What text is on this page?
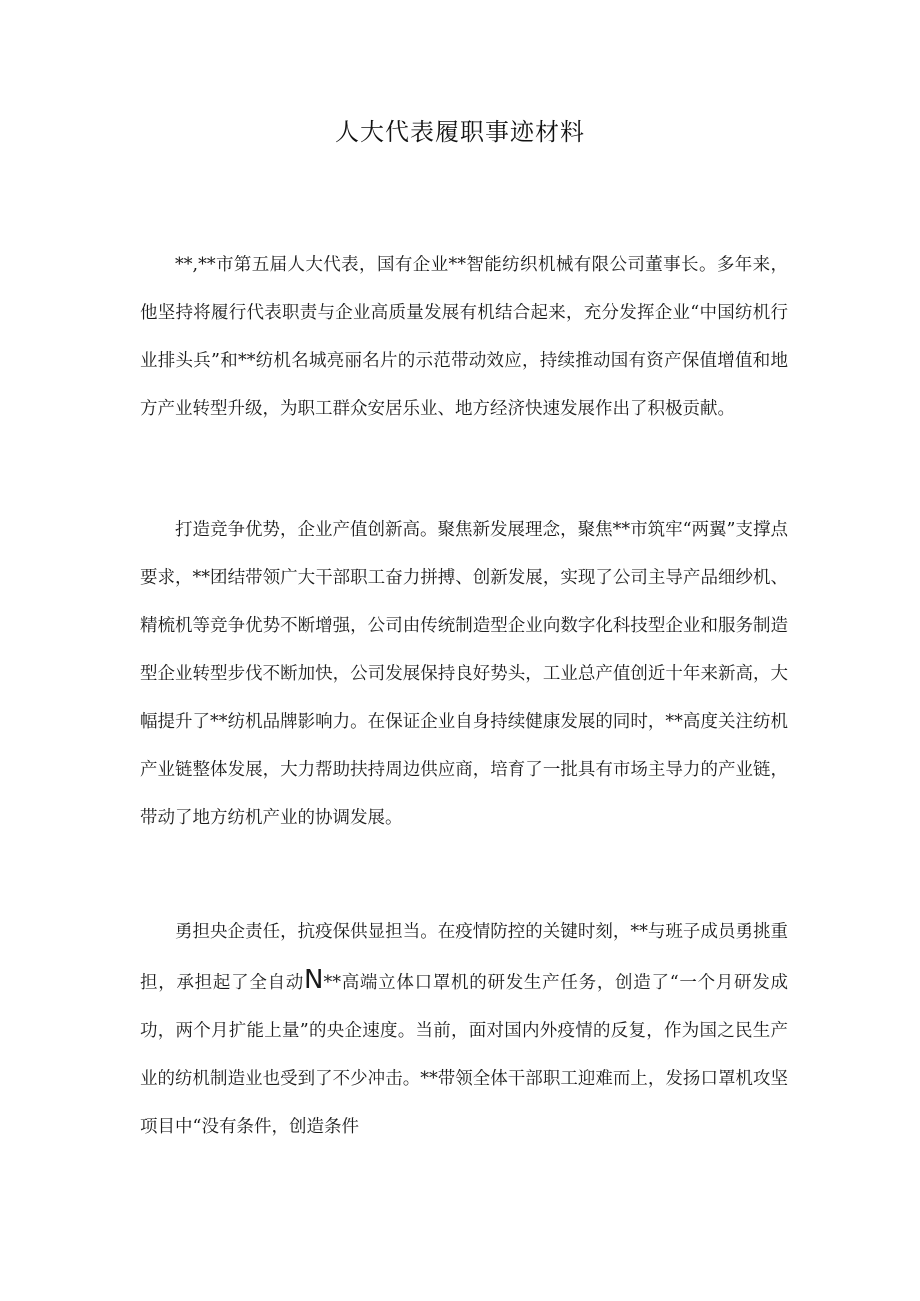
人大代表履职事迹材料

**,**市第五届人大代表，国有企业**智能纺织机械有限公司董事长。多年来，他坚持将履行代表职责与企业高质量发展有机结合起来，充分发挥企业“中国纺机行业排头兵”和**纺机名城亮丽名片的示范带动效应，持续推动国有资产保值增值和地方产业转型升级，为职工群众安居乐业、地方经济快速发展作出了积极贡献。

打造竞争优势，企业产值创新高。聚焦新发展理念，聚焦**市筑牢“两翼”支撑点要求，**团结带领广大干部职工奋力拼搏、创新发展，实现了公司主导产品细纱机、精梳机等竞争优势不断增强，公司由传统制造型企业向数字化科技型企业和服务制造型企业转型步伐不断加快，公司发展保持良好势头，工业总产值创近十年来新高，大幅提升了**纺机品牌影响力。在保证企业自身持续健康发展的同时，**高度关注纺机产业链整体发展，大力帮助扶持周边供应商，培育了一批具有市场主导力的产业链，带动了地方纺机产业的协调发展。

勇担央企责任，抗疫保供显担当。在疫情防控的关键时刻，**与班子成员勇挑重担，承担起了全自动N**高端立体口罩机的研发生产任务，创造了“一个月研发成功，两个月扩能上量”的央企速度。当前，面对国内外疫情的反复，作为国之民生产业的纺机制造业也受到了不少冲击。**带领全体干部职工迎难而上，发扬口罩机攻坚项目中“没有条件，创造条件
